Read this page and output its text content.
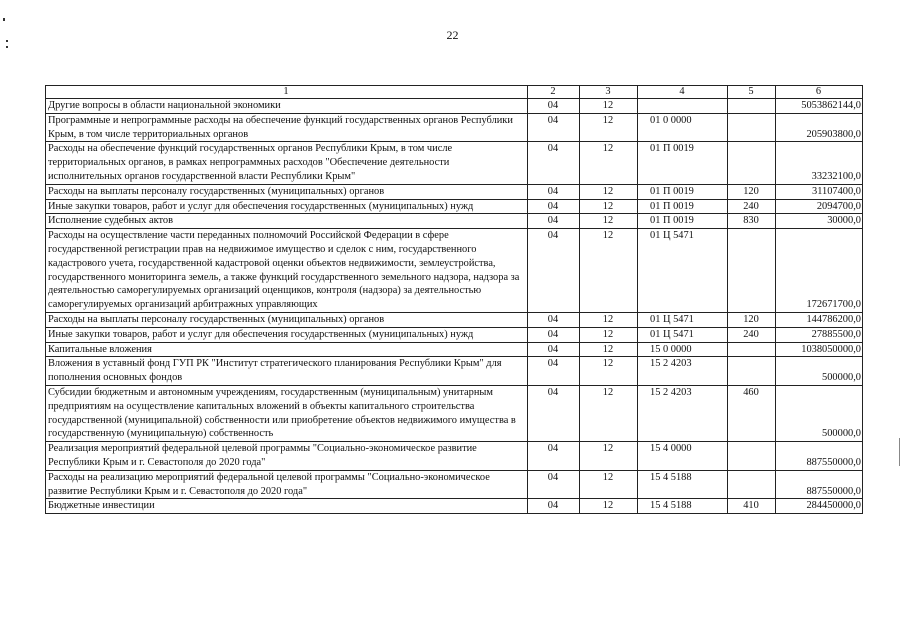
22
1	2	3	4	5	6
Другие вопросы в области национальной экономики	04	12			5053862144,0
Программные и непрограммные расходы на обеспечение функций государственных органов Республики Крым, в том числе территориальных органов	04	12	01 0 0000		205903800,0
Расходы на обеспечение функций государственных органов Республики Крым, в том числе территориальных органов, в рамках непрограммных расходов "Обеспечение деятельности исполнительных органов государственной власти Республики Крым"	04	12	01 П 0019		33232100,0
Расходы на выплаты персоналу государственных (муниципальных) органов	04	12	01 П 0019	120	31107400,0
Иные закупки товаров, работ и услуг для обеспечения государственных (муниципальных) нужд	04	12	01 П 0019	240	2094700,0
Исполнение судебных актов	04	12	01 П 0019	830	30000,0
Расходы на осуществление части переданных полномочий Российской Федерации в сфере государственной регистрации прав на недвижимое имущество и сделок с ним, государственного кадастрового учета, государственной кадастровой оценки объектов недвижимости, землеустройства, государственного мониторинга земель, а также функций государственного земельного надзора, надзора за деятельностью саморегулируемых организаций оценщиков, контроля (надзора) за деятельностью саморегулируемых организаций арбитражных управляющих	04	12	01 Ц 5471		172671700,0
Расходы на выплаты персоналу государственных (муниципальных) органов	04	12	01 Ц 5471	120	144786200,0
Иные закупки товаров, работ и услуг для обеспечения государственных (муниципальных) нужд	04	12	01 Ц 5471	240	27885500,0
Капитальные вложения	04	12	15 0 0000		1038050000,0
Вложения в уставный фонд ГУП РК "Институт стратегического планирования Республики Крым" для пополнения основных фондов	04	12	15 2 4203		500000,0
Субсидии бюджетным и автономным учреждениям, государственным (муниципальным) унитарным предприятиям на осуществление капитальных вложений в объекты капитального строительства государственной (муниципальной) собственности или приобретение объектов недвижимого имущества в государственную (муниципальную) собственность	04	12	15 2 4203	460	500000,0
Реализация мероприятий федеральной целевой программы "Социально-экономическое развитие Республики Крым и г. Севастополя до 2020 года"	04	12	15 4 0000		887550000,0
Расходы на реализацию мероприятий федеральной целевой программы "Социально-экономическое развитие Республики Крым и г. Севастополя до 2020 года"	04	12	15 4 5188		887550000,0
Бюджетные инвестиции	04	12	15 4 5188	410	284450000,0
